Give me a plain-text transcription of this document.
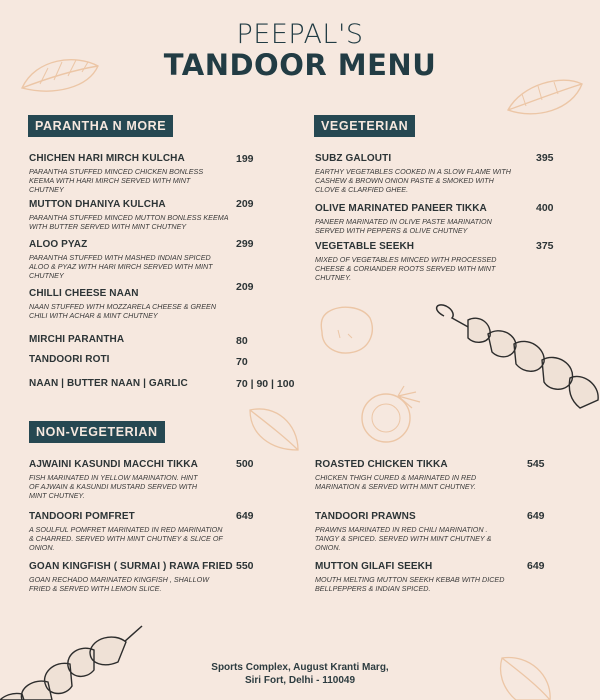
PEEPAL'S
TANDOOR MENU
PARANTHA N MORE
CHICHEN HARI MIRCH KULCHA
PARANTHA STUFFED MINCED CHICKEN BONLESS KEEMA WITH HARI MIRCH SERVED WITH MINT CHUTNEY
199
MUTTON DHANIYA KULCHA
PARANTHA STUFFED MINCED MUTTON BONLESS KEEMA WITH BUTTER SERVED WITH MINT CHUTNEY
209
ALOO PYAZ
PARANTHA STUFFED WITH MASHED INDIAN SPICED ALOO & PYAZ WITH HARI MIRCH SERVED WITH MINT CHUTNEY
299
CHILLI CHEESE NAAN
NAAN STUFFED WITH MOZZARELA CHEESE & GREEN CHILI WITH ACHAR & MINT CHUTNEY
209
MIRCHI PARANTHA	80
TANDOORI ROTI	70
NAAN | BUTTER NAAN | GARLIC	70 | 90 | 100
VEGETERIAN
SUBZ GALOUTI
EARTHY VEGETABLES COOKED IN A SLOW FLAME WITH CASHEW & BROWN ONION PASTE & SMOKED WITH CLOVE & CLARFIED GHEE.
395
OLIVE MARINATED PANEER TIKKA
PANEER MARINATED IN OLIVE PASTE MARINATION SERVED WITH PEPPERS & OLIVE CHUTNEY
400
VEGETABLE SEEKH
MIXED OF VEGETABLES MINCED WITH PROCESSED CHEESE & CORIANDER ROOTS SERVED WITH MINT CHUTNEY.
375
NON-VEGETERIAN
AJWAINI KASUNDI MACCHI TIKKA
FISH MARINATED IN YELLOW MARINATION. HINT OF AJWAIN & KASUNDI MUSTARD SERVED WITH MINT CHUTNEY.
500
TANDOORI POMFRET
A SOULFUL POMFRET MARINATED IN RED MARINATION & CHARRED. SERVED WITH MINT CHUTNEY & SLICE OF ONION.
649
GOAN KINGFISH ( SURMAI ) RAWA FRIED
GOAN RECHADO MARINATED KINGFISH , SHALLOW FRIED & SERVED WITH LEMON SLICE.
550
ROASTED CHICKEN TIKKA
CHICKEN THIGH CURED & MARINATED IN RED MARINATION & SERVED WITH MINT CHUTNEY.
545
TANDOORI PRAWNS
PRAWNS MARINATED IN RED CHILI MARINATION . TANGY & SPICED. SERVED WITH MINT CHUTNEY & ONION.
649
MUTTON GILAFI SEEKH
MOUTH MELTING MUTTON SEEKH KEBAB WITH DICED BELLPEPPERS & INDIAN SPICED.
649
Sports Complex, August Kranti Marg,
Siri Fort, Delhi - 110049
